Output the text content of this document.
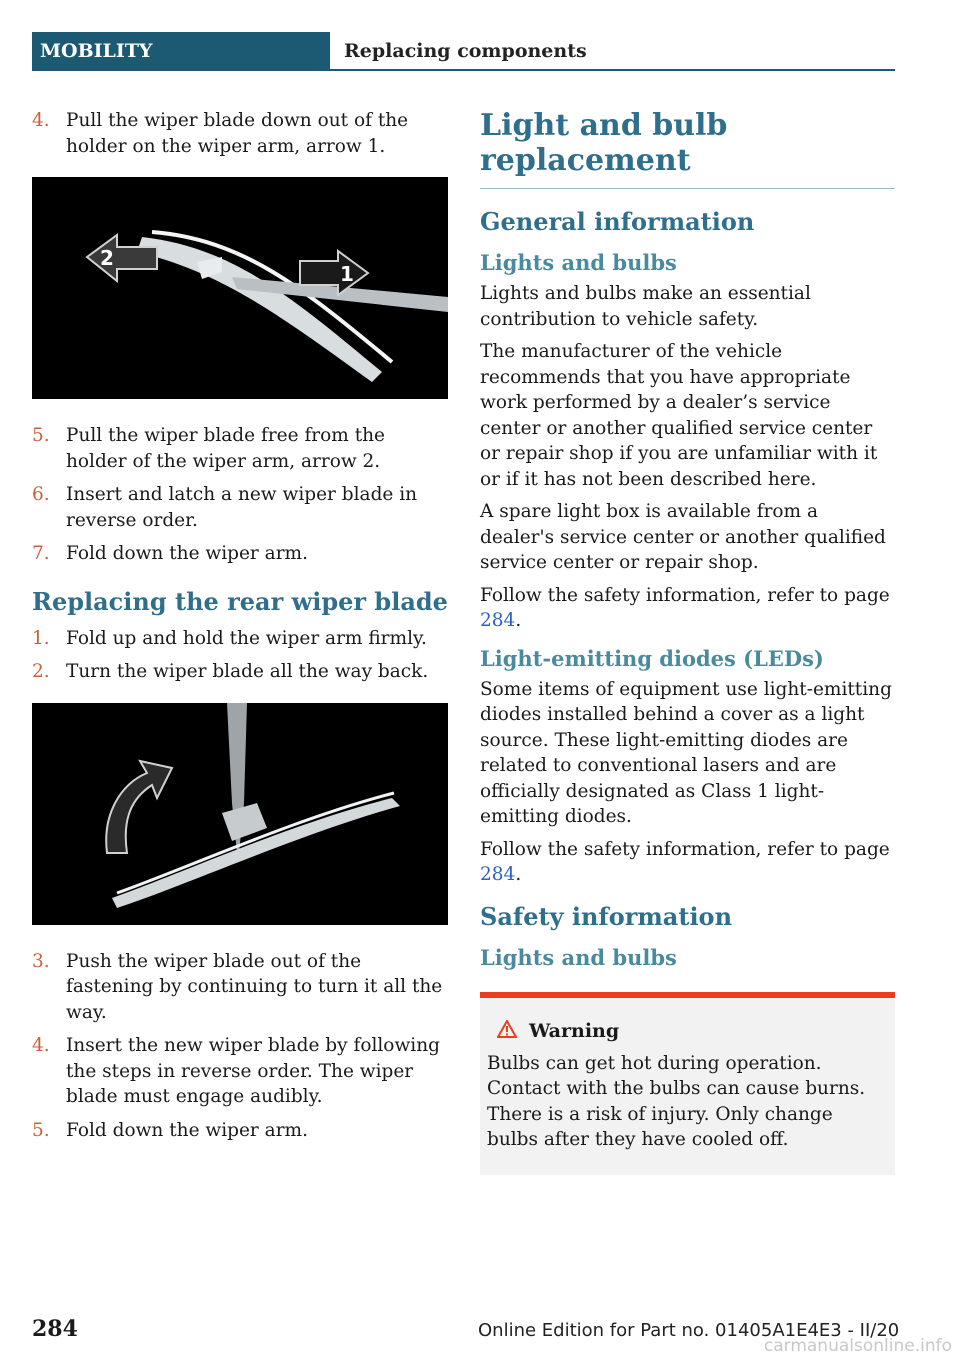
MOBILITY	Replacing components
4. Pull the wiper blade down out of the holder on the wiper arm, arrow 1.
2
1
5. Pull the wiper blade free from the holder of the wiper arm, arrow 2.
6. Insert and latch a new wiper blade in reverse order.
7. Fold down the wiper arm.
Replacing the rear wiper blade
1. Fold up and hold the wiper arm firmly.
2. Turn the wiper blade all the way back.
3. Push the wiper blade out of the fastening by continuing to turn it all the way.
4. Insert the new wiper blade by following the steps in reverse order. The wiper blade must engage audibly.
5. Fold down the wiper arm.
Light and bulb replacement
General information
Lights and bulbs

Lights and bulbs make an essential contribution to vehicle safety.

The manufacturer of the vehicle recommends that you have appropriate work performed by a dealer’s service center or another qualified service center or repair shop if you are unfamiliar with it or if it has not been described here.

A spare light box is available from a dealer's service center or another qualified service center or repair shop.

Follow the safety information, refer to page 284.

Light-emitting diodes (LEDs)

Some items of equipment use light-emitting diodes installed behind a cover as a light source. These light-emitting diodes are related to conventional lasers and are officially designated as Class 1 light-emitting diodes.

Follow the safety information, refer to page 284.

Safety information
Lights and bulbs
Warning

Bulbs can get hot during operation. Contact with the bulbs can cause burns. There is a risk of injury. Only change bulbs after they have cooled off.

284	Online Edition for Part no. 01405A1E4E3 - II/20
carmanualsonline.info
